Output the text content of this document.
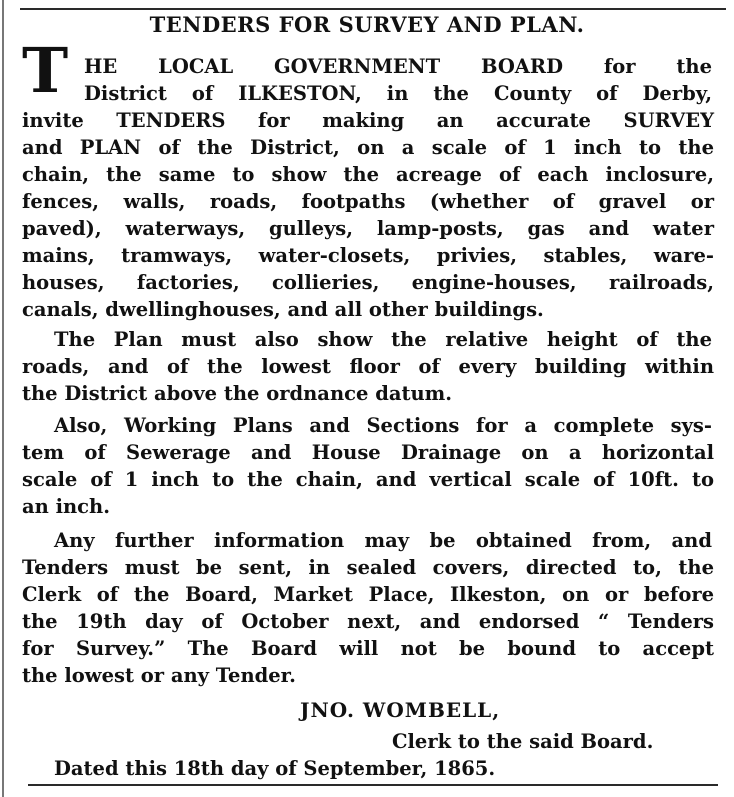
TENDERS FOR SURVEY AND PLAN.
T HE LOCAL GOVERNMENT BOARD for the
District of ILKESTON, in the County of Derby,
invite TENDERS for making an accurate SURVEY
and PLAN of the District, on a scale of 1 inch to the
chain, the same to show the acreage of each inclosure,
fences, walls, roads, footpaths (whether of gravel or
paved), waterways, gulleys, lamp-posts, gas and water
mains, tramways, water-closets, privies, stables, ware-
houses, factories, collieries, engine-houses, railroads,
canals, dwellinghouses, and all other buildings.
The Plan must also show the relative height of the
roads, and of the lowest floor of every building within
the District above the ordnance datum.
Also, Working Plans and Sections for a complete sys-
tem of Sewerage and House Drainage on a horizontal
scale of 1 inch to the chain, and vertical scale of 10ft. to
an inch.
Any further information may be obtained from, and
Tenders must be sent, in sealed covers, directed to, the
Clerk of the Board, Market Place, Ilkeston, on or before
the 19th day of October next, and endorsed “ Tenders
for Survey.” The Board will not be bound to accept
the lowest or any Tender.
JNO. WOMBELL,
Clerk to the said Board.
Dated this 18th day of September, 1865.
